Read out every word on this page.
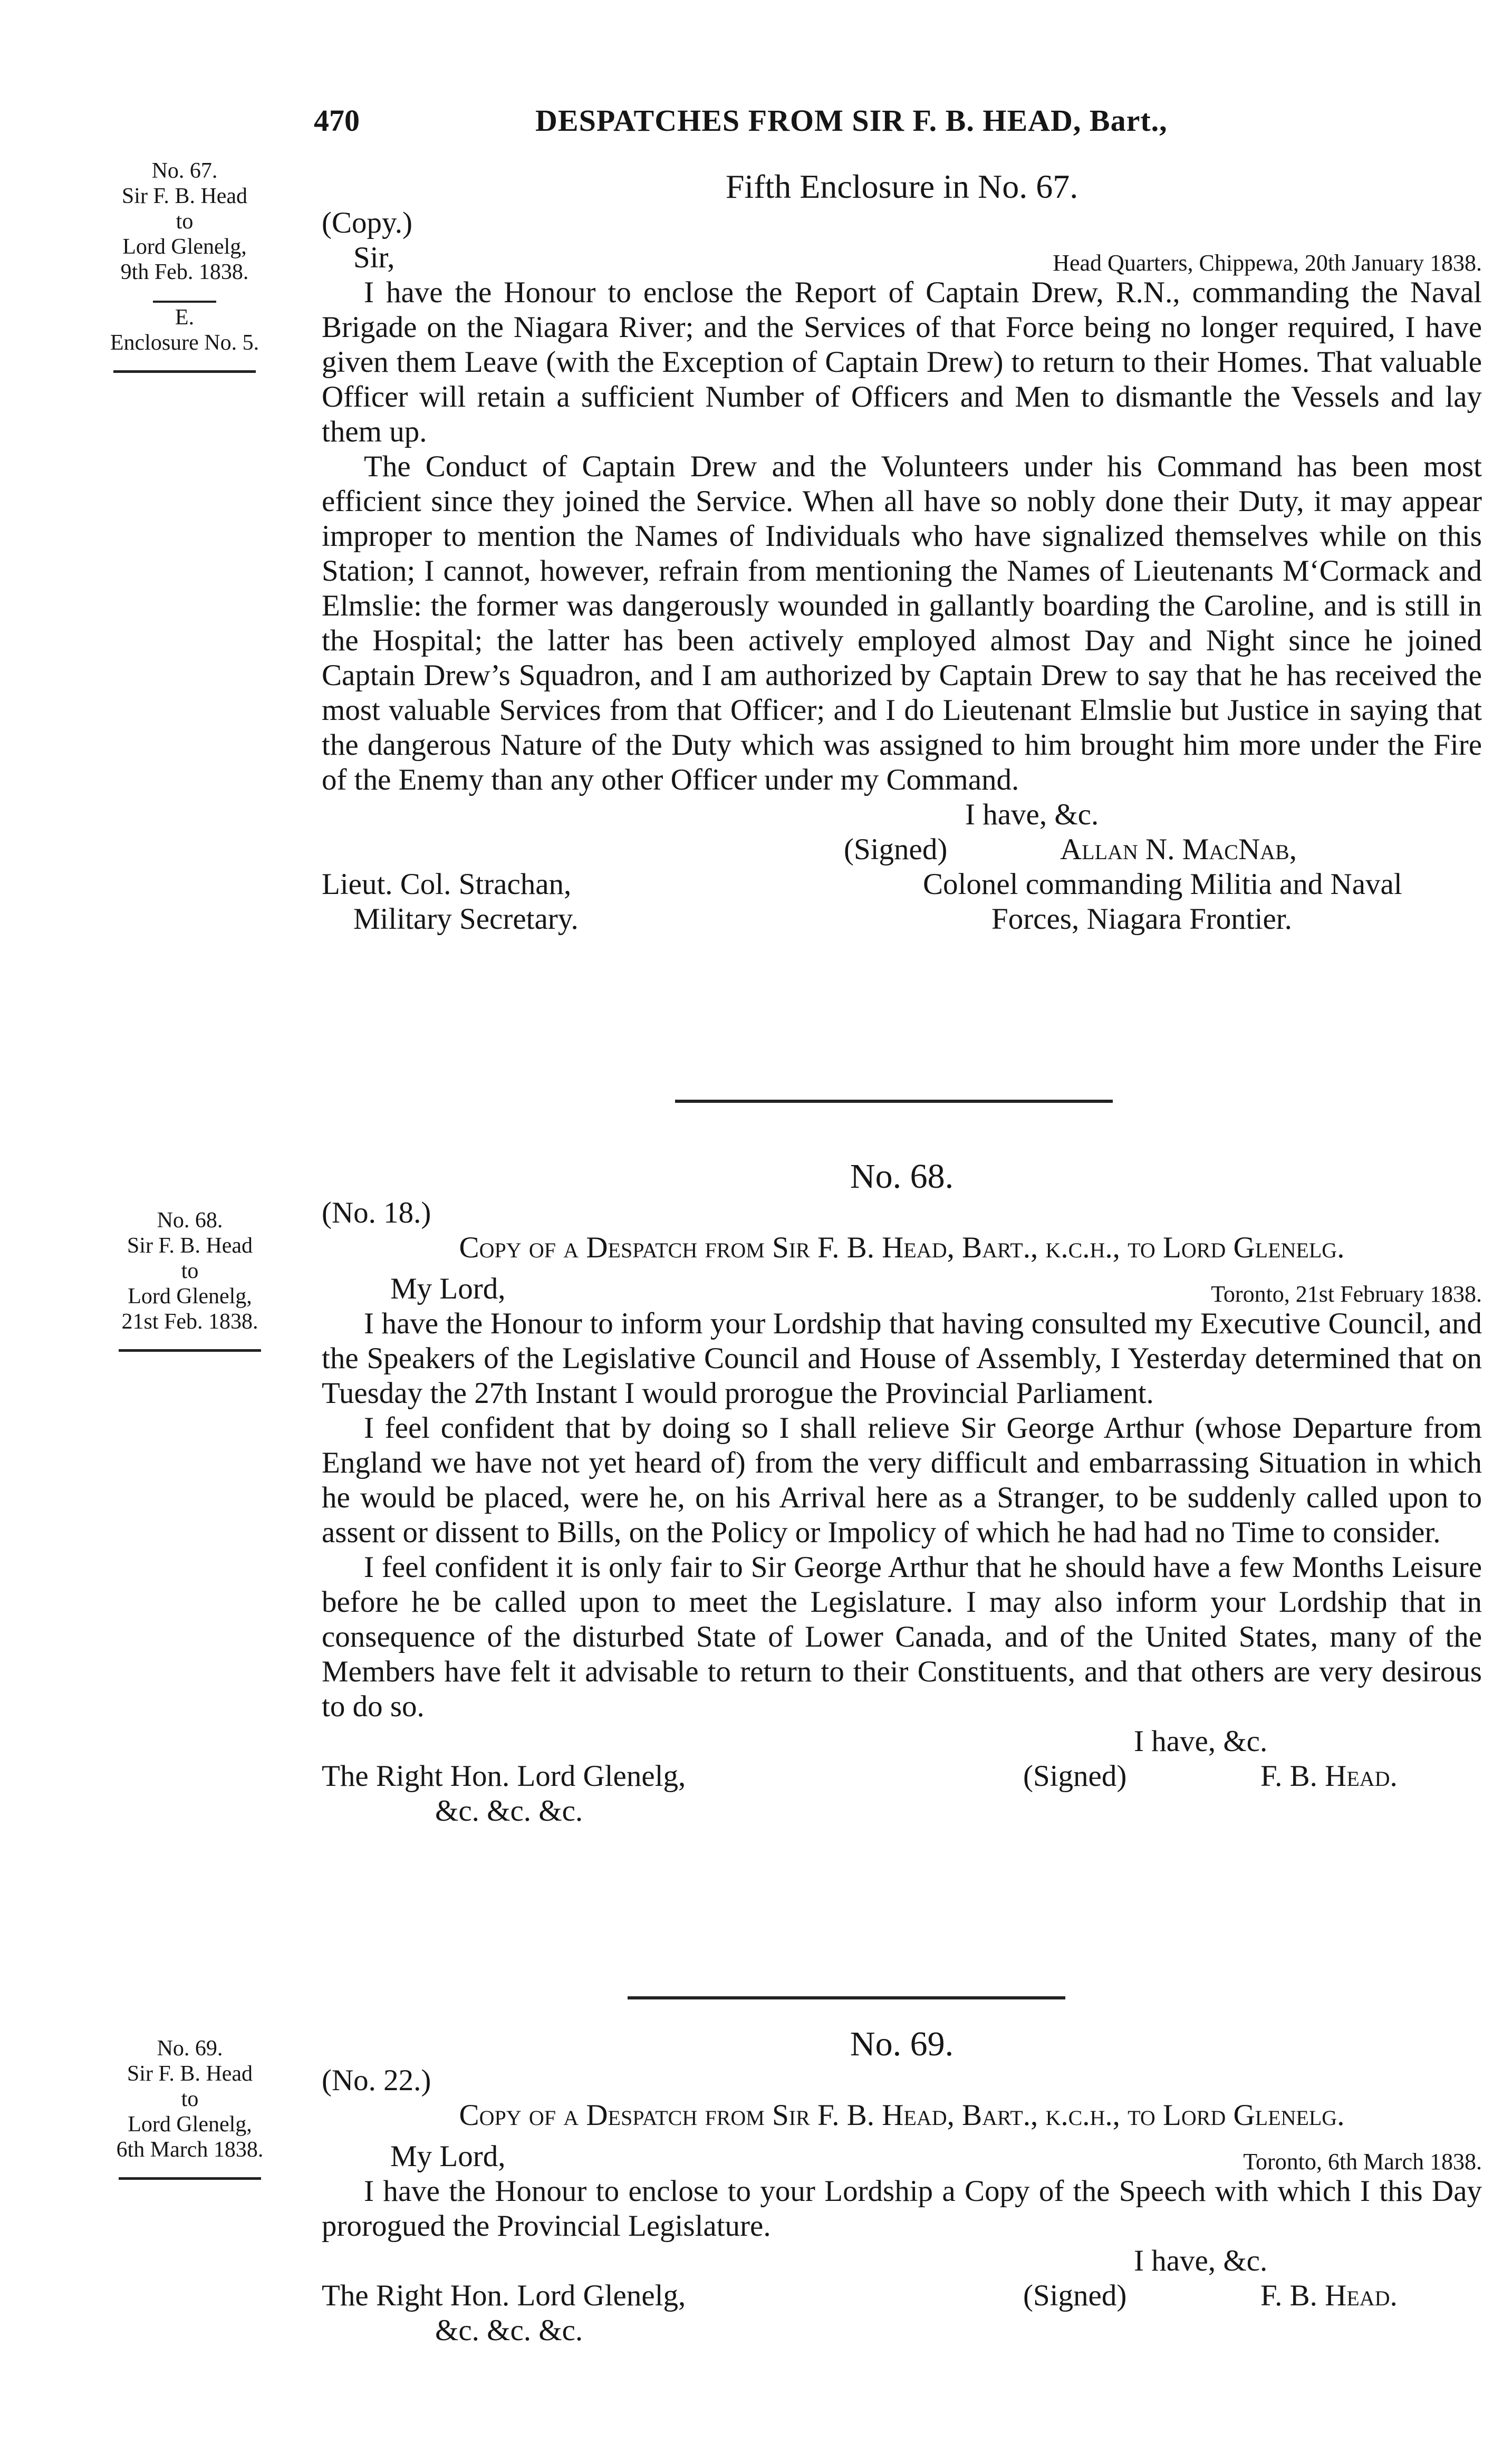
470	DESPATCHES FROM SIR F. B. HEAD, Bart.,
No. 67.
Sir F. B. Head
to
Lord Glenelg,
9th Feb. 1838.
E.
Enclosure No. 5.
No. 68.
Sir F. B. Head
to
Lord Glenelg,
21st Feb. 1838.
No. 69.
Sir F. B. Head
to
Lord Glenelg,
6th March 1838.
Fifth Enclosure in No. 67.
(Copy.)
Sir,	Head Quarters, Chippewa, 20th January 1838.

I have the Honour to enclose the Report of Captain Drew, R.N., commanding the Naval Brigade on the Niagara River; and the Services of that Force being no longer required, I have given them Leave (with the Exception of Captain Drew) to return to their Homes. That valuable Officer will retain a sufficient Number of Officers and Men to dismantle the Vessels and lay them up.

The Conduct of Captain Drew and the Volunteers under his Command has been most efficient since they joined the Service. When all have so nobly done their Duty, it may appear improper to mention the Names of Individuals who have signalized themselves while on this Station; I cannot, however, refrain from mentioning the Names of Lieutenants M‘Cormack and Elmslie: the former was dangerously wounded in gallantly boarding the Caroline, and is still in the Hospital; the latter has been actively employed almost Day and Night since he joined Captain Drew’s Squadron, and I am authorized by Captain Drew to say that he has received the most valuable Services from that Officer; and I do Lieutenant Elmslie but Justice in saying that the dangerous Nature of the Duty which was assigned to him brought him more under the Fire of the Enemy than any other Officer under my Command.

I have, &c.
(Signed)	Allan N. MacNab,
Lieut. Col. Strachan,	Colonel commanding Militia and Naval
Military Secretary.	Forces, Niagara Frontier.
No. 68.
(No. 18.)
Copy of a Despatch from Sir F. B. Head, Bart., k.c.h., to Lord Glenelg.
My Lord,	Toronto, 21st February 1838.

I have the Honour to inform your Lordship that having consulted my Executive Council, and the Speakers of the Legislative Council and House of Assembly, I Yesterday determined that on Tuesday the 27th Instant I would prorogue the Provincial Parliament.

I feel confident that by doing so I shall relieve Sir George Arthur (whose Departure from England we have not yet heard of) from the very difficult and embarrassing Situation in which he would be placed, were he, on his Arrival here as a Stranger, to be suddenly called upon to assent or dissent to Bills, on the Policy or Impolicy of which he had had no Time to consider.

I feel confident it is only fair to Sir George Arthur that he should have a few Months Leisure before he be called upon to meet the Legislature. I may also inform your Lordship that in consequence of the disturbed State of Lower Canada, and of the United States, many of the Members have felt it advisable to return to their Constituents, and that others are very desirous to do so.

I have, &c.
The Right Hon. Lord Glenelg,	(Signed)	F. B. Head.
&c. &c. &c.
No. 69.
(No. 22.)
Copy of a Despatch from Sir F. B. Head, Bart., k.c.h., to Lord Glenelg.
My Lord,	Toronto, 6th March 1838.

I have the Honour to enclose to your Lordship a Copy of the Speech with which I this Day prorogued the Provincial Legislature.

I have, &c.
The Right Hon. Lord Glenelg,	(Signed)	F. B. Head.
&c. &c. &c.
